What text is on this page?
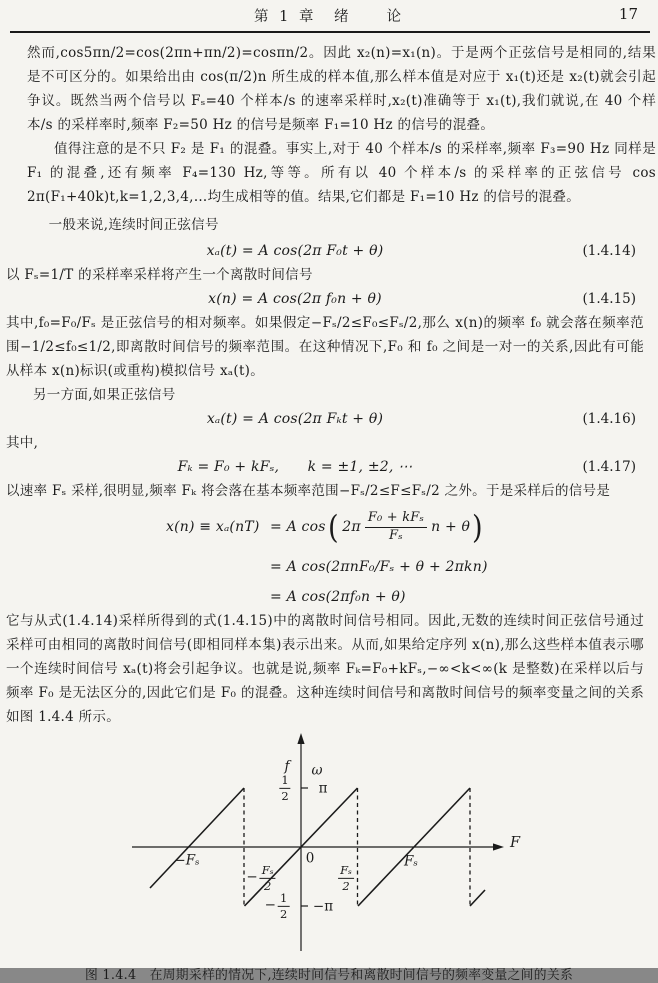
第 1 章　绪　　论	17

然而,cos5πn/2=cos(2πn+πn/2)=cosπn/2。因此 x₂(n)=x₁(n)。于是两个正弦信号是相同的,结果是不可区分的。如果给出由 cos(π/2)n 所生成的样本值,那么样本值是对应于 x₁(t)还是 x₂(t)就会引起争议。既然当两个信号以 Fₛ=40 个样本/s 的速率采样时,x₂(t)准确等于 x₁(t),我们就说,在 40 个样本/s 的采样率时,频率 F₂=50 Hz 的信号是频率 F₁=10 Hz 的信号的混叠。

值得注意的是不只 F₂ 是 F₁ 的混叠。事实上,对于 40 个样本/s 的采样率,频率 F₃=90 Hz 同样是 F₁ 的混叠,还有频率 F₄=130 Hz,等等。所有以 40 个样本/s 的采样率的正弦信号 cos 2π(F₁+40k)t,k=1,2,3,4,…均生成相等的值。结果,它们都是 F₁=10 Hz 的信号的混叠。

一般来说,连续时间正弦信号

xₐ(t) = A cos(2π F₀t + θ)	(1.4.14)

以 Fₛ=1/T 的采样率采样将产生一个离散时间信号

x(n) = A cos(2π f₀n + θ)	(1.4.15)

其中,f₀=F₀/Fₛ 是正弦信号的相对频率。如果假定−Fₛ/2≤F₀≤Fₛ/2,那么 x(n)的频率 f₀ 就会落在频率范围−1/2≤f₀≤1/2,即离散时间信号的频率范围。在这种情况下,F₀ 和 f₀ 之间是一对一的关系,因此有可能从样本 x(n)标识(或重构)模拟信号 xₐ(t)。

另一方面,如果正弦信号

xₐ(t) = A cos(2π Fₖt + θ)	(1.4.16)

其中,

Fₖ = F₀ + kFₛ,  k = ±1, ±2, ⋯	(1.4.17)

以速率 Fₛ 采样,很明显,频率 Fₖ 将会落在基本频率范围−Fₛ/2≤F≤Fₛ/2 之外。于是采样后的信号是

x(n) ≡ xₐ(nT) = A cos ( $2\pi \frac{\text{F₀ + kFₛ}}{\text{Fₛ}}$ n + θ )
= A cos(2πnF₀/Fₛ + θ + 2πkn)
= A cos(2πf₀n + θ)

它与从式(1.4.14)采样所得到的式(1.4.15)中的离散时间信号相同。因此,无数的连续时间正弦信号通过采样可由相同的离散时间信号(即相同样本集)表示出来。从而,如果给定序列 x(n),那么这些样本值表示哪一个连续时间信号 xₐ(t)将会引起争议。也就是说,频率 Fₖ=F₀+kFₛ,−∞<k<∞(k 是整数)在采样以后与频率 F₀ 是无法区分的,因此它们是 F₀ 的混叠。这种连续时间信号和离散时间信号的频率变量之间的关系如图 1.4.4 所示。

f ω
$\frac{1}{2}$ π
− $\frac{1}{2} -\pi$
−Fₛ
− $\frac{\text{Fₛ}}{2}$
0
$\frac{\text{Fₛ}}{2}$
Fₛ
F

图 1.4.4　在周期采样的情况下,连续时间信号和离散时间信号的频率变量之间的关系
